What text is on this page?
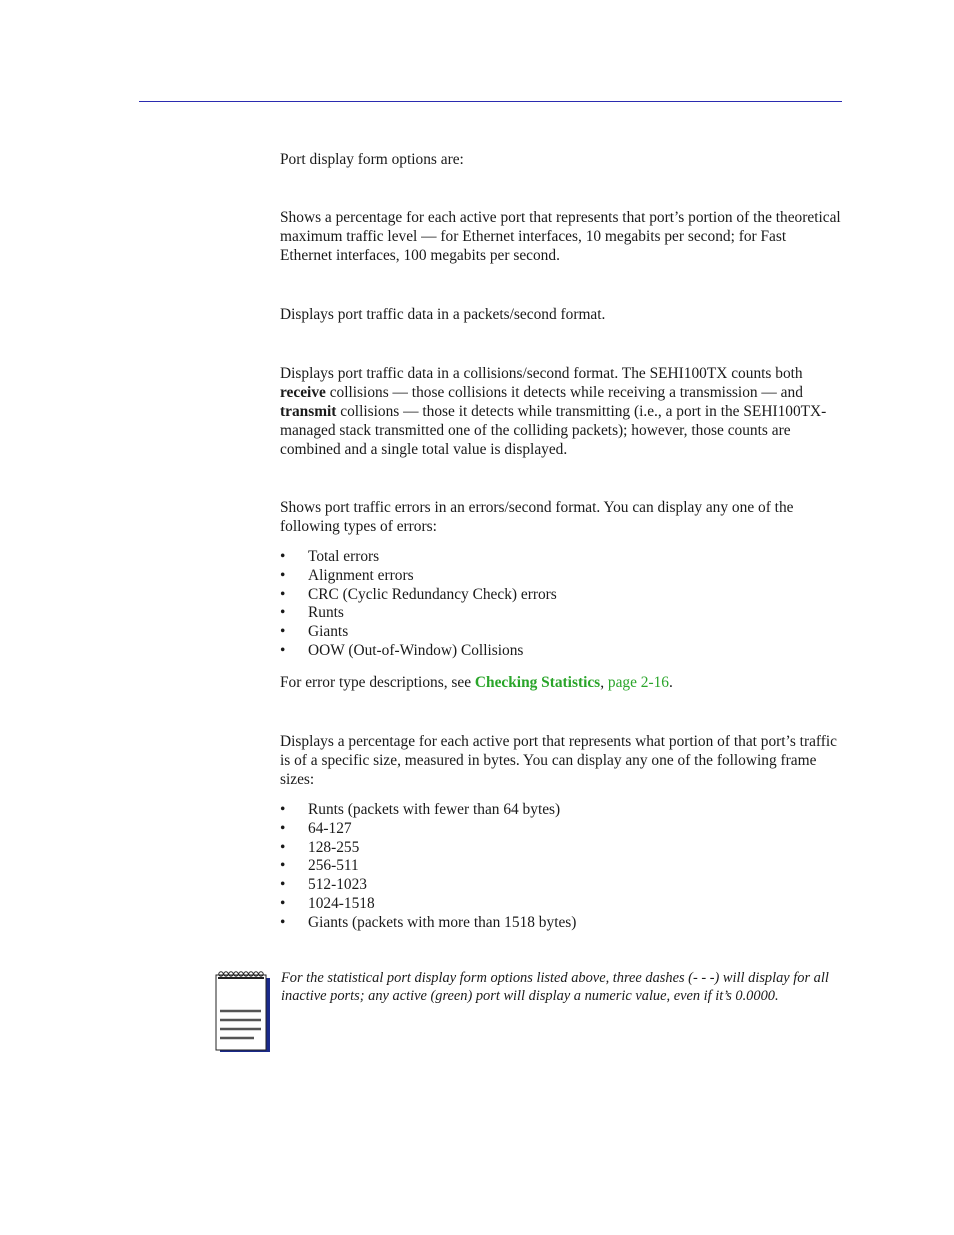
Port display form options are:

Shows a percentage for each active port that represents that port’s portion of the theoretical maximum traffic level — for Ethernet interfaces, 10 megabits per second; for Fast Ethernet interfaces, 100 megabits per second.

Displays port traffic data in a packets/second format.

Displays port traffic data in a collisions/second format. The SEHI100TX counts both receive collisions — those collisions it detects while receiving a transmission — and transmit collisions — those it detects while transmitting (i.e., a port in the SEHI100TX-managed stack transmitted one of the colliding packets); however, those counts are combined and a single total value is displayed.

Shows port traffic errors in an errors/second format. You can display any one of the following types of errors:

• Total errors
• Alignment errors
• CRC (Cyclic Redundancy Check) errors
• Runts
• Giants
• OOW (Out-of-Window) Collisions

For error type descriptions, see Checking Statistics, page 2-16.

Displays a percentage for each active port that represents what portion of that port’s traffic is of a specific size, measured in bytes. You can display any one of the following frame sizes:

• Runts (packets with fewer than 64 bytes)
• 64-127
• 128-255
• 256-511
• 512-1023
• 1024-1518
• Giants (packets with more than 1518 bytes)

For the statistical port display form options listed above, three dashes (- - -) will display for all inactive ports; any active (green) port will display a numeric value, even if it’s 0.0000.
